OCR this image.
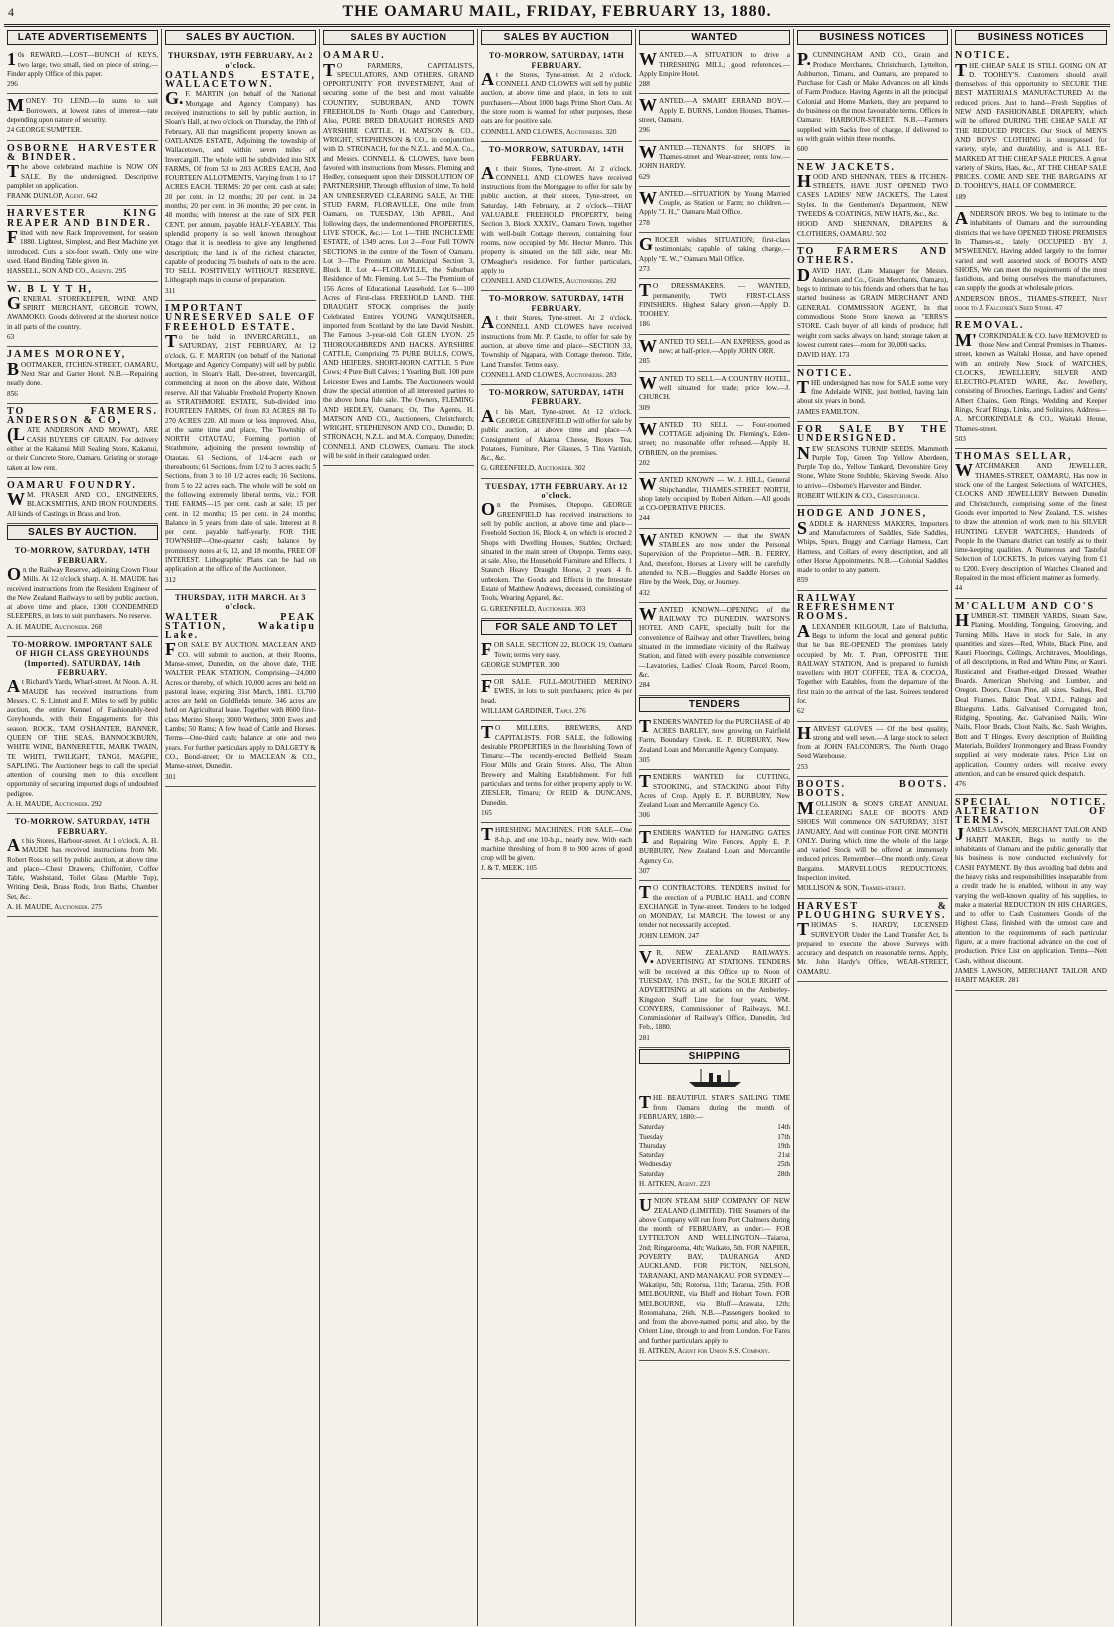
4	THE OAMARU MAIL, FRIDAY, FEBRUARY 13, 1880.
LATE ADVERTISEMENTS

10s REWARD.—LOST—BUNCH of KEYS, two large, two small, tied on piece of string.—Finder apply Office of this paper.

296

MONEY TO LEND.—In sums to suit Borrowers, at lowest rates of interest—rate depending upon nature of security.

24 GEORGE SUMPTER.

OSBORNE HARVESTER & BINDER.

The above celebrated machine is NOW ON SALE. By the undersigned. Descriptive pamphlet on application.

FRANK DUNLOP, Agent. 642

HARVESTER KING REAPER AND BINDER.

Fitted with new Rack Improvement, for season 1880. Lightest, Simplest, and Best Machine yet introduced. Cuts a six-foot swath. Only one wire used. Hand Binding Table given in.

HASSELL, SON AND CO., Agents. 295

W. B L Y T H,

GENERAL STOREKEEPER, WINE AND SPIRIT MERCHANT, GEORGE TOWN, AWAMOKO. Goods delivered at the shortest notice in all parts of the country.

63

JAMES MORONEY,

BOOTMAKER, ITCHEN-STREET, OAMARU, Next Star and Garter Hotel. N.B.—Repairing neatly done.

856

TO FARMERS. ANDERSON & CO,

(LATE ANDERSON AND MOWAT), ARE CASH BUYERS OF GRAIN. For delivery either at the Kakanui Mill Sealing Store, Kakanui, or their Concrete Store, Oamaru. Gristing or storage taken at low rent.

OAMARU FOUNDRY.

WM. FRASER AND CO., ENGINEERS, BLACKSMITHS, AND IRON FOUNDERS. All kinds of Castings in Brass and Iron.

SALES BY AUCTION.

TO-MORROW, SATURDAY, 14TH FEBRUARY.

On the Railway Reserve, adjoining Crown Flour Mills. At 12 o'clock sharp. A. H. MAUDE has received instructions from the Resident Engineer of the New Zealand Railways to sell by public auction, at above time and place, 1300 CONDEMNED SLEEPERS, in lots to suit purchasers. No reserve.

A. H. MAUDE, Auctioneer. 268

TO-MORROW. IMPORTANT SALE OF HIGH CLASS GREYHOUNDS (Imported). SATURDAY, 14th FEBRUARY.

At Richard's Yards, Wharf-street. At Noon. A. H. MAUDE has received instructions from Messrs. C. S. Lintott and F. Miles to sell by public auction, the entire Kennel of Fashionably-bred Greyhounds, with their Engagements for this season. ROCK, TAM O'SHANTER, BANNER, QUEEN OF THE SEAS, BANNOCKBURN, WHITE WINE, BANNERETTE, MARK TWAIN, TE WHITI, TWILIGHT, TANGI, MAGPIE, SAPLING. The Auctioneer begs to call the special attention of coursing men to this excellent opportunity of securing imported dogs of undoubted pedigree.

A. H. MAUDE, Auctioneer. 292

TO-MORROW. SATURDAY, 14TH FEBRUARY.

At his Stores, Harbour-street. At 1 o'clock. A. H. MAUDE has received instructions from Mr. Robert Ross to sell by public auction, at above time and place—Chest Drawers, Chiffonier, Coffee Table, Washstand, Toilet Glass (Marble Top), Writing Desk, Brass Rods, Iron Baths, Chamber Set, &c.

A. H. MAUDE, Auctioneer. 275

SALES BY AUCTION.

THURSDAY, 19TH FEBRUARY, At 2 o'clock.

OATLANDS ESTATE, WALLACETOWN.

G.F. MARTIN (on behalf of the National Mortgage and Agency Company) has received instructions to sell by public auction, in Sloan's Hall, at two o'clock on Thursday, the 19th of February, All that magnificent property known as OATLANDS ESTATE, Adjoining the township of Wallacetown, and within seven miles of Invercargill. The whole will be subdivided into SIX FARMS, Of from 53 to 203 ACRES EACH, And FOURTEEN ALLOTMENTS, Varying from 1 to 17 ACRES EACH. TERMS: 20 per cent. cash at sale; 20 per cent. in 12 months; 20 per cent. in 24 months; 20 per cent. in 36 months; 20 per cent. in 48 months; with interest at the rate of SIX PER CENT. per annum, payable HALF-YEARLY. This splendid property is so well known throughout Otago that it is needless to give any lengthened description; the land is of the richest character, capable of producing 75 bushels of oats to the acre. TO SELL POSITIVELY WITHOUT RESERVE. Lithograph maps in course of preparation.

311

IMPORTANT UNRESERVED SALE OF FREEHOLD ESTATE.

To be held in INVERCARGILL, on SATURDAY, 21ST FEBRUARY, At 12 o'clock. G. F. MARTIN (on behalf of the National Mortgage and Agency Company) will sell by public auction, in Sloan's Hall, Dee-street, Invercargill, commencing at noon on the above date, Without reserve. All that Valuable Freehold Property Known as STRATHMORE ESTATE, Sub-divided into FOURTEEN FARMS, Of from 83 ACRES 88 To 270 ACRES 220. All more or less improved. Also, at the same time and place, The Township of NORTH OTAUTAU, Forming portion of Strathmore, adjoining the present township of Otautau. 61 Sections, of 1/4-acre each or thereabouts; 61 Sections, from 1/2 to 3 acres each; 5 Sections, from 3 to 10 1/2 acres each; 16 Sections, from 5 to 22 acres each. The whole will be sold on the following extremely liberal terms, viz.: FOR THE FARMS—15 per cent. cash at sale; 15 per cent. in 12 months; 15 per cent. in 24 months; Balance in 5 years from date of sale. Interest at 8 per cent. payable half-yearly. FOR THE TOWNSHIP—One-quarter cash; balance by promissory notes at 6, 12, and 18 months, FREE OF INTEREST. Lithographic Plans can be had on application at the office of the Auctioneer.

312

THURSDAY, 11TH MARCH. At 3 o'clock.

WALTER PEAK STATION, Wakatipu Lake.

FOR SALE BY AUCTION. MACLEAN AND CO. will submit to auction, at their Rooms, Manse-street, Dunedin, on the above date, THE WALTER PEAK STATION, Comprising—24,000 Acres or thereby, of which 10,000 acres are held on pastoral lease, expiring 31st March, 1881. 13,700 acres are held on Goldfields tenure. 346 acres are held on Agricultural lease. Together with 8600 first-class Merino Sheep; 3000 Wethers; 3000 Ewes and Lambs; 50 Rams; A few head of Cattle and Horses. Terms—One-third cash; balance at one and two years. For further particulars apply to DALGETY & CO., Bond-street; Or to MACLEAN & CO., Manse-street, Dunedin.

301

SALES BY AUCTION

OAMARU.

TO FARMERS, CAPITALISTS, SPECULATORS, AND OTHERS. GRAND OPPORTUNITY FOR INVESTMENT, And of securing some of the best and most valuable COUNTRY, SUBURBAN, AND TOWN FREEHOLDS In North Otago and Canterbury, Also, PURE BRED DRAUGHT HORSES AND AYRSHIRE CATTLE. H. MATSON & CO., WRIGHT, STEPHENSON & CO., in conjunction with D. STRONACH, for the N.Z.L. and M.A. Co., and Messrs. CONNELL & CLOWES, have been favored with instructions from Messrs. Fleming and Hedley, consequent upon their DISSOLUTION OF PARTNERSHIP, Through effluxion of time, To hold AN UNRESERVED CLEARING SALE, At THE STUD FARM, FLORAVILLE, One mile from Oamaru, on TUESDAY, 13th APRIL, And following days, the undermentioned PROPERTIES, LIVE STOCK, &c.:— Lot 1—THE INCHCLEME ESTATE, of 1349 acres. Lot 2—Four Full TOWN SECTIONS in the centre of the Town of Oamaru. Lot 3—The Premium on Municipal Section 3, Block II. Lot 4—FLORAVILLE, the Suburban Residence of Mr. Fleming. Lot 5—The Premium of 156 Acres of Educational Leasehold. Lot 6—100 Acres of First-class FREEHOLD LAND. THE DRAUGHT STOCK comprises the justly Celebrated Entires YOUNG VANQUISHER, imported from Scotland by the late David Nesbitt. The Famous 3-year-old Colt GLEN LYON. 25 THOROUGHBREDS AND HACKS. AYRSHIRE CATTLE, Comprising 75 PURE BULLS, COWS, AND HEIFERS. SHORT-HORN CATTLE. 5 Pure Cows; 4 Pure Bull Calves; 1 Yearling Bull. 100 pure Leicester Ewes and Lambs. The Auctioneers would draw the special attention of all interested parties to the above bona fide sale. The Owners, FLEMING AND HEDLEY, Oamaru; Or, The Agents, H. MATSON AND CO., Auctioneers, Christchurch; WRIGHT, STEPHENSON AND CO., Dunedin; D. STRONACH, N.Z.L. and M.A. Company, Dunedin; CONNELL AND CLOWES, Oamaru. The stock will be sold in their catalogued order.

SALES BY AUCTION

TO-MORROW, SATURDAY, 14TH FEBRUARY.

At the Stores, Tyne-street. At 2 o'clock. CONNELL AND CLOWES will sell by public auction, at above time and place, in lots to suit purchasers—About 1000 bags Prime Short Oats. At the store room is wanted for other purposes, these oats are for positive sale.

CONNELL AND CLOWES, Auctioneers. 320

TO-MORROW, SATURDAY, 14TH FEBRUARY.

At their Stores, Tyne-street. At 2 o'clock. CONNELL AND CLOWES have received instructions from the Mortgagee to offer for sale by public auction, at their stores, Tyne-street, on Saturday, 14th February, at 2 o'clock—THAT VALUABLE FREEHOLD PROPERTY, being Section 3, Block XXXIV., Oamaru Town, together with well-built Cottage thereon, containing four rooms, now occupied by Mr. Hector Munro. This property is situated on the hill side, near Mr. O'Meagher's residence. For further particulars, apply to

CONNELL AND CLOWES, Auctioneers. 292

TO-MORROW. SATURDAY, 14TH FEBRUARY.

At their Stores, Tyne-street. At 2 o'clock. CONNELL AND CLOWES have received instructions from Mr. P. Castle, to offer for sale by auction, at above time and place—SECTION 33, Township of Ngapara, with Cottage thereon. Title, Land Transfer. Terms easy.

CONNELL AND CLOWES, Auctioneers. 283

TO-MORROW, SATURDAY, 14TH FEBRUARY.

At his Mart, Tyne-street. At 12 o'clock. GEORGE GREENFIELD will offer for sale by public auction, at above time and place—A Consignment of Akaroa Cheese, Boxes Tea, Potatoes, Furniture, Pier Glasses, 5 Tins Varnish, &c., &c.

G. GREENFIELD, Auctioneer. 302

TUESDAY, 17TH FEBRUARY. At 12 o'clock.

On the Premises, Otepopo. GEORGE GREENFIELD has received instructions to sell by public auction, at above time and place—Freehold Section 16, Block 4, on which is erected 2 Shops with Dwelling Houses, Stables; Orchard; situated in the main street of Otepopo. Terms easy, at sale. Also, the Household Furniture and Effects. 1 Staunch Heavy Draught Horse, 2 years 4 ft. unbroken. The Goods and Effects in the Intestate Estate of Matthew Andrews, deceased, consisting of Tools, Wearing Apparel, &c.

G. GREENFIELD, Auctioneer. 303

FOR SALE AND TO LET

FOR SALE. SECTION 22, BLOCK 19, Oamaru Town; terms very easy.

GEORGE SUMPTER. 300

FOR SALE. FULL-MOUTHED MERINO EWES, in lots to suit purchasers; price 4s per head.

WILLIAM GARDINER, Tapui. 276

TO MILLERS, BREWERS, AND CAPITALISTS. FOR SALE, the following desirable PROPERTIES in the flourishing Town of Timaru:—The recently-erected Belfield Steam Flour Mills and Grain Stores. Also, The Alton Brewery and Malting Establishment. For full particulars and terms for either property apply to W. ZIESLER, Timaru; Or REID & DUNCANS, Dunedin.

165

THRESHING MACHINES. FOR SALE—One 8-h.p. and one 10-h.p., nearly new. With each machine threshing of from 8 to 900 acres of good crop will be given.

J. & T. MEEK. 105

WANTED

WANTED.—A SITUATION to drive a THRESHING MILL; good references.—Apply Empire Hotel.

288

WANTED.—A SMART ERRAND BOY.—Apply E. BURNS, London Houses, Thames-street, Oamaru.

296

WANTED.—TENANTS for SHOPS in Thames-street and Wear-street; rents low.—JOHN HARDY.

629

WANTED.—SITUATION by Young Married Couple, as Station or Farm; no children.—Apply "J. H.," Oamaru Mail Office.

278

GROCER wishes SITUATION; first-class testimonials; capable of taking charge.—Apply "E. W.," Oamaru Mail Office.

273

TO DRESSMAKERS. — WANTED, permanently, TWO FIRST-CLASS FINISHERS. Highest Salary given.—Apply D. TOOHEY.

186

WANTED TO SELL—AN EXPRESS, good as new; at half-price.—Apply JOHN ORR.

285

WANTED TO SELL—A COUNTRY HOTEL, well situated for trade; price low.—J. CHURCH.

309

WANTED TO SELL — Four-roomed COTTAGE adjoining Dr. Fleming's, Eden-street; no reasonable offer refused.—Apply H. O'BRIEN, on the premises.

202

WANTED KNOWN — W. J. HILL, General Shipchandler, THAMES-STREET NORTH, shop lately occupied by Robert Aitken.—All goods at CO-OPERATIVE PRICES.

244

WANTED KNOWN — that the SWAN STABLES are now under the Personal Supervision of the Proprietor—MR. B. FERRY, And, therefore, Horses at Livery will be carefully attended to. N.B.—Buggies and Saddle Horses on Hire by the Week, Day, or Journey.

432

WANTED KNOWN—OPENING of the RAILWAY TO DUNEDIN. WATSON'S HOTEL AND CAFE, specially built for the convenience of Railway and other Travellers, being situated in the immediate vicinity of the Railway Station, and fitted with every possible convenience—Lavatories, Ladies' Cloak Room, Parcel Room, &c.

284

TENDERS

TENDERS WANTED for the PURCHASE of 40 ACRES BARLEY, now growing on Fairfield Farm, Boundary Creek. E. P. BURBURY, New Zealand Loan and Mercantile Agency Company.

305

TENDERS WANTED for CUTTING, STOOKING, and STACKING about Fifty Acres of Crop. Apply E. P. BURBURY, New Zealand Loan and Mercantile Agency Co.

306

TENDERS WANTED for HANGING GATES and Repairing Wire Fences. Apply E. P. BURBURY, New Zealand Loan and Mercantile Agency Co.

307

TO CONTRACTORS. TENDERS invited for the erection of a PUBLIC HALL and CORN EXCHANGE in Tyne-street. Tenders to be lodged on MONDAY, 1st MARCH. The lowest or any tender not necessarily accepted.

JOHN LEMON. 247

V.R. NEW ZEALAND RAILWAYS. ADVERTISING AT STATIONS. TENDERS will be received at this Office up to Noon of TUESDAY, 17th INST., for the SOLE RIGHT of ADVERTISING at all stations on the Amberley-Kingston Staff Line for four years. WM. CONYERS, Commissioner of Railways, M.I. Commissioner of Railway's Office, Dunedin, 3rd Feb., 1880.

281

SHIPPING

THE BEAUTIFUL STAR'S SAILING TIME from Oamaru during the month of FEBRUARY, 1880:—

Saturday	14th
Tuesday	17th
Thursday	19th
Saturday	21st
Wednesday	25th
Saturday	28th

H. AITKEN, Agent. 223

UNION STEAM SHIP COMPANY OF NEW ZEALAND (LIMITED). THE Steamers of the above Company will run from Port Chalmers during the month of FEBRUARY, as under:— FOR LYTTELTON AND WELLINGTON—Taiaroa, 2nd; Ringarooma, 4th; Waikato, 5th. FOR NAPIER, POVERTY BAY, TAURANGA AND AUCKLAND. FOR PICTON, NELSON, TARANAKI, AND MANAKAU. FOR SYDNEY—Wakatipu, 5th; Rotorua, 11th; Tararua, 25th. FOR MELBOURNE, via Bluff and Hobart Town. FOR MELBOURNE, via Bluff—Arawata, 12th; Rotomahana, 26th. N.B.—Passengers booked to and from the above-named ports; and also, by the Orient Line, through to and from London. For Fares and further particulars apply to

H. AITKEN, Agent for Union S.S. Company.

BUSINESS NOTICES

P.CUNNINGHAM AND CO., Grain and Produce Merchants, Christchurch, Lyttelton, Ashburton, Timaru, and Oamaru, are prepared to Purchase for Cash or Make Advances on all kinds of Farm Produce. Having Agents in all the principal Colonial and Home Markets, they are prepared to do business on the most favourable terms. Offices in Oamaru: HARBOUR-STREET. N.B.—Farmers supplied with Sacks free of charge, if delivered to us with grain within three months.

600

NEW JACKETS.

HOOD AND SHENNAN, TEES & ITCHEN-STREETS, HAVE JUST OPENED TWO CASES LADIES' NEW JACKETS, The Latest Styles. In the Gentlemen's Department, NEW TWEEDS & COATINGS, NEW HATS, &c., &c.

HOOD AND SHENNAN, DRAPERS & CLOTHIERS, OAMARU. 502

TO FARMERS AND OTHERS.

DAVID HAY, (Late Manager for Messrs. Anderson and Co., Grain Merchants, Oamaru), begs to intimate to his friends and others that he has started business as GRAIN MERCHANT AND GENERAL COMMISSION AGENT, In that commodious Stone Store known as "ERRS'S STORE. Cash buyer of all kinds of produce; full weight corn sacks always on hand; storage taken at lowest current rates—room for 30,000 sacks.

DAVID HAY. 173

NOTICE.

THE undersigned has now for SALE some very fine Adelaide WINE, just bottled, having lain about six years in bond.

JAMES FAMILTON.

FOR SALE BY THE UNDERSIGNED.

NEW SEASONS TURNIP SEEDS. Mammoth Purple Top, Green Top Yellow Aberdeen, Purple Top do., Yellow Tankard, Devonshire Grey Stone, White Stone Stubble, Skirving Swede. Also to arrive—Osborne's Harvester and Binder.

ROBERT WILKIN & CO., Christchurch.

HODGE AND JONES,

SADDLE & HARNESS MAKERS, Importers and Manufacturers of Saddles, Side Saddles, Whips, Spurs, Buggy and Carriage Harness, Cart Harness, and Collars of every description, and all other Horse Appointments. N.B.—Colonial Saddles made to order to any pattern.

859

RAILWAY REFRESHMENT ROOMS.

ALEXANDER KILGOUR, Late of Balclutha, Begs to inform the local and general public that he has RE-OPENED The premises lately occupied by Mr. T. Pratt, OPPOSITE THE RAILWAY STATION, And is prepared to furnish travellers with HOT COFFEE, TEA & COCOA, Together with Eatables, from the departure of the first train to the arrival of the last. Soirees tendered for.

62

HARVEST GLOVES — Of the best quality, strong and well sewn.—A large stock to select from at JOHN FALCONER'S, The North Otago Seed Warehouse.

253

BOOTS. BOOTS. BOOTS.

MOLLISON & SON'S GREAT ANNUAL CLEARING SALE OF BOOTS AND SHOES Will commence ON SATURDAY, 31ST JANUARY, And will continue FOR ONE MONTH ONLY. During which time the whole of the large and varied Stock will be offered at immensely reduced prices. Remember—One month only. Great Bargains. MARVELLOUS REDUCTIONS. Inspection invited.

MOLLISON & SON, Thames-street.

HARVEST & PLOUGHING SURVEYS.

THOMAS S. HARDY, LICENSED SURVEYOR Under the Land Transfer Act, Is prepared to execute the above Surveys with accuracy and despatch on reasonable terms. Apply, Mr. John Hardy's Office, WEAR-STREET, OAMARU.

BUSINESS NOTICES

NOTICE.

THE CHEAP SALE IS STILL GOING ON AT D. TOOHEY'S. Customers should avail themselves of this opportunity to SECURE THE BEST MATERIALS MANUFACTURED At the reduced prices. Just to hand—Fresh Supplies of NEW AND FASHIONABLE DRAPERY, which will be offered DURING THE CHEAP SALE AT THE REDUCED PRICES. Our Stock of MEN'S AND BOYS' CLOTHING is unsurpassed for variety, style, and durability, and is ALL RE-MARKED AT THE CHEAP SALE PRICES. A great variety of Skirts, Hats, &c., AT THE CHEAP SALE PRICES. COME AND SEE THE BARGAINS AT D. TOOHEY'S, HALL OF COMMERCE.

189

ANDERSON BROS. We beg to intimate to the inhabitants of Oamaru and the surrounding districts that we have OPENED THOSE PREMISES In Thames-st., lately OCCUPIED BY J. M'SWEENEY, Having added largely to the former varied and well assorted stock of BOOTS AND SHOES, We can meet the requirements of the most fastidious, and being ourselves the manufacturers, can supply the goods at wholesale prices.

ANDERSON BROS., THAMES-STREET, Next door to J. Falconer's Seed Store. 47

REMOVAL.

M'CORKINDALE & CO. have REMOVED to those New and Central Premises in Thames-street, known as Waitaki House, and have opened with an entirely New Stock of WATCHES, CLOCKS, JEWELLERY, SILVER AND ELECTRO-PLATED WARE, &c. Jewellery, consisting of Brooches, Earrings, Ladies' and Gents' Albert Chains, Gem Rings, Wedding and Keeper Rings, Scarf Rings, Links, and Solitaires. Address—A. M'CORKINDALE & CO., Waitaki House, Thames-street.

503

THOMAS SELLAR,

WATCHMAKER AND JEWELLER, THAMES-STREET, OAMARU, Has now in stock one of the Largest Selections of WATCHES, CLOCKS AND JEWELLERY Between Dunedin and Christchurch, comprising some of the finest Goods ever imported to New Zealand. T.S. wishes to draw the attention of work men to his SILVER HUNTING LEVER WATCHES, Hundreds of People In the Oamaru district can testify as to their time-keeping qualities. A Numerous and Tasteful Selection of LOCKETS, In prices varying from £1 to £200. Every description of Watches Cleaned and Repaired in the most efficient manner as formerly.

44

M'CALLUM AND CO'S

HUMBER-ST. TIMBER YARDS, Steam Saw, Planing, Moulding, Tonguing, Grooving, and Turning Mills. Have in stock for Sale, in any quantities and sizes—Red, White, Black Pine, and Kauri Floorings, Ceilings, Architraves, Mouldings, of all descriptions, in Red and White Pine, or Kauri. Rusticated and Feather-edged Dressed Weather Boards. American Shelving and Lumber, and Oregon. Doors, Clean Pine, all sizes. Sashes, Red Deal Frames. Baltic Deal. V.D.L. Palings and Bluegums. Laths. Galvanised Corrugated Iron, Ridging, Spouting, &c. Galvanised Nails, Wire Nails, Floor Brads, Clout Nails, &c. Sash Weights, Butt and T Hinges. Every description of Building Materials, Builders' Ironmongery and Brass Foundry supplied at very moderate rates. Price List on application. Country orders will receive every attention, and can be ensured quick despatch.

476

SPECIAL NOTICE. ALTERATION OF TERMS.

JAMES LAWSON, MERCHANT TAILOR AND HABIT MAKER, Begs to notify to the inhabitants of Oamaru and the public generally that his business is now conducted exclusively for CASH PAYMENT. By thus avoiding bad debts and the heavy risks and responsibilities inseparable from a credit trade he is enabled, without in any way varying the well-known quality of his supplies, to make a material REDUCTION IN HIS CHARGES, and to offer to Cash Customers Goods of the Highest Class, finished with the utmost care and attention to the requirements of each particular figure, at a mere fractional advance on the cost of production. Price List on application. Terms—Nett Cash, without discount.

JAMES LAWSON, MERCHANT TAILOR AND HABIT MAKER. 281
